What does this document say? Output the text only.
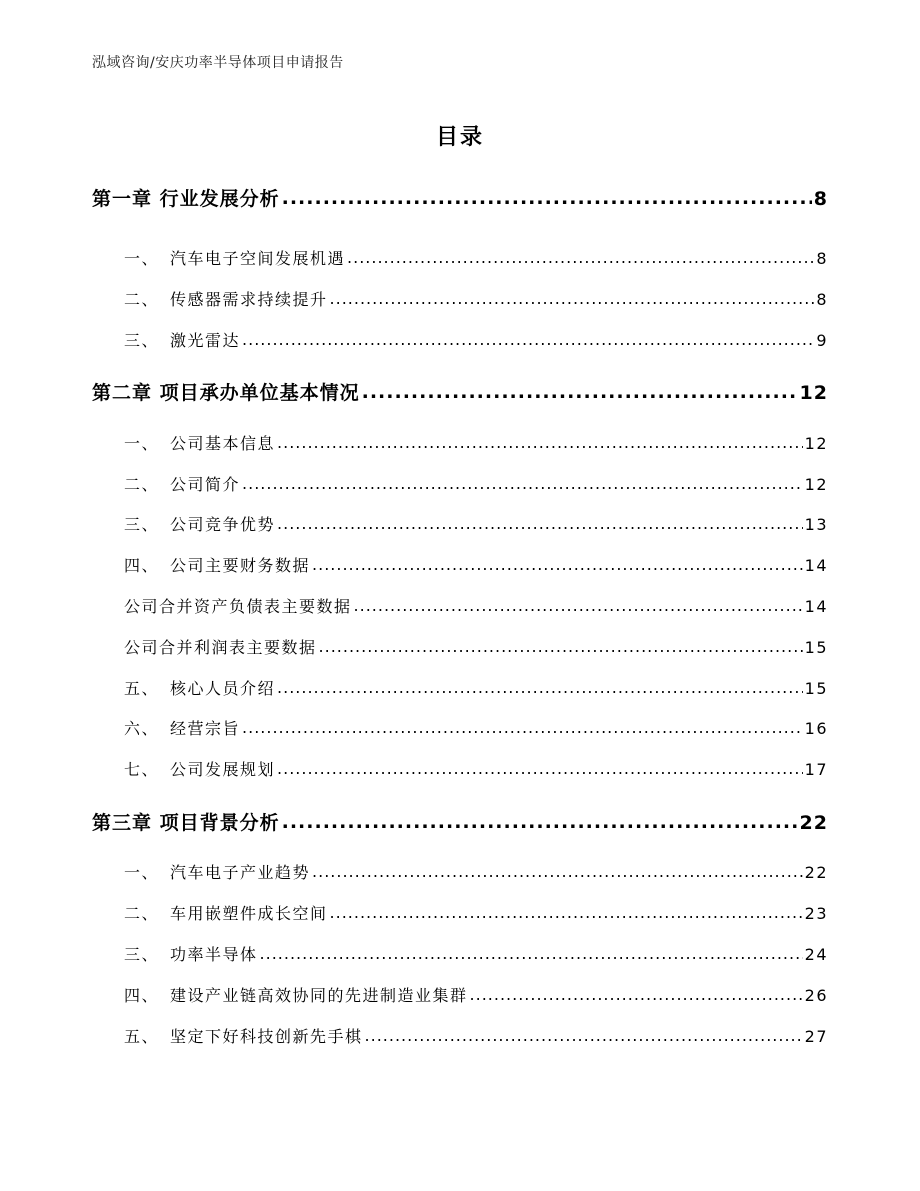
泓域咨询/安庆功率半导体项目申请报告
目录
第一章 行业发展分析 .....	8
一、 汽车电子空间发展机遇 .....	8
二、 传感器需求持续提升 .....	8
三、 激光雷达 .....	9
第二章 项目承办单位基本情况 .....	12
一、 公司基本信息 .....	12
二、 公司简介 .....	12
三、 公司竞争优势 .....	13
四、 公司主要财务数据 .....	14
公司合并资产负债表主要数据 .....	14
公司合并利润表主要数据 .....	15
五、 核心人员介绍 .....	15
六、 经营宗旨 .....	16
七、 公司发展规划 .....	17
第三章 项目背景分析 .....	22
一、 汽车电子产业趋势 .....	22
二、 车用嵌塑件成长空间 .....	23
三、 功率半导体 .....	24
四、 建设产业链高效协同的先进制造业集群 .....	26
五、 坚定下好科技创新先手棋 .....	27
